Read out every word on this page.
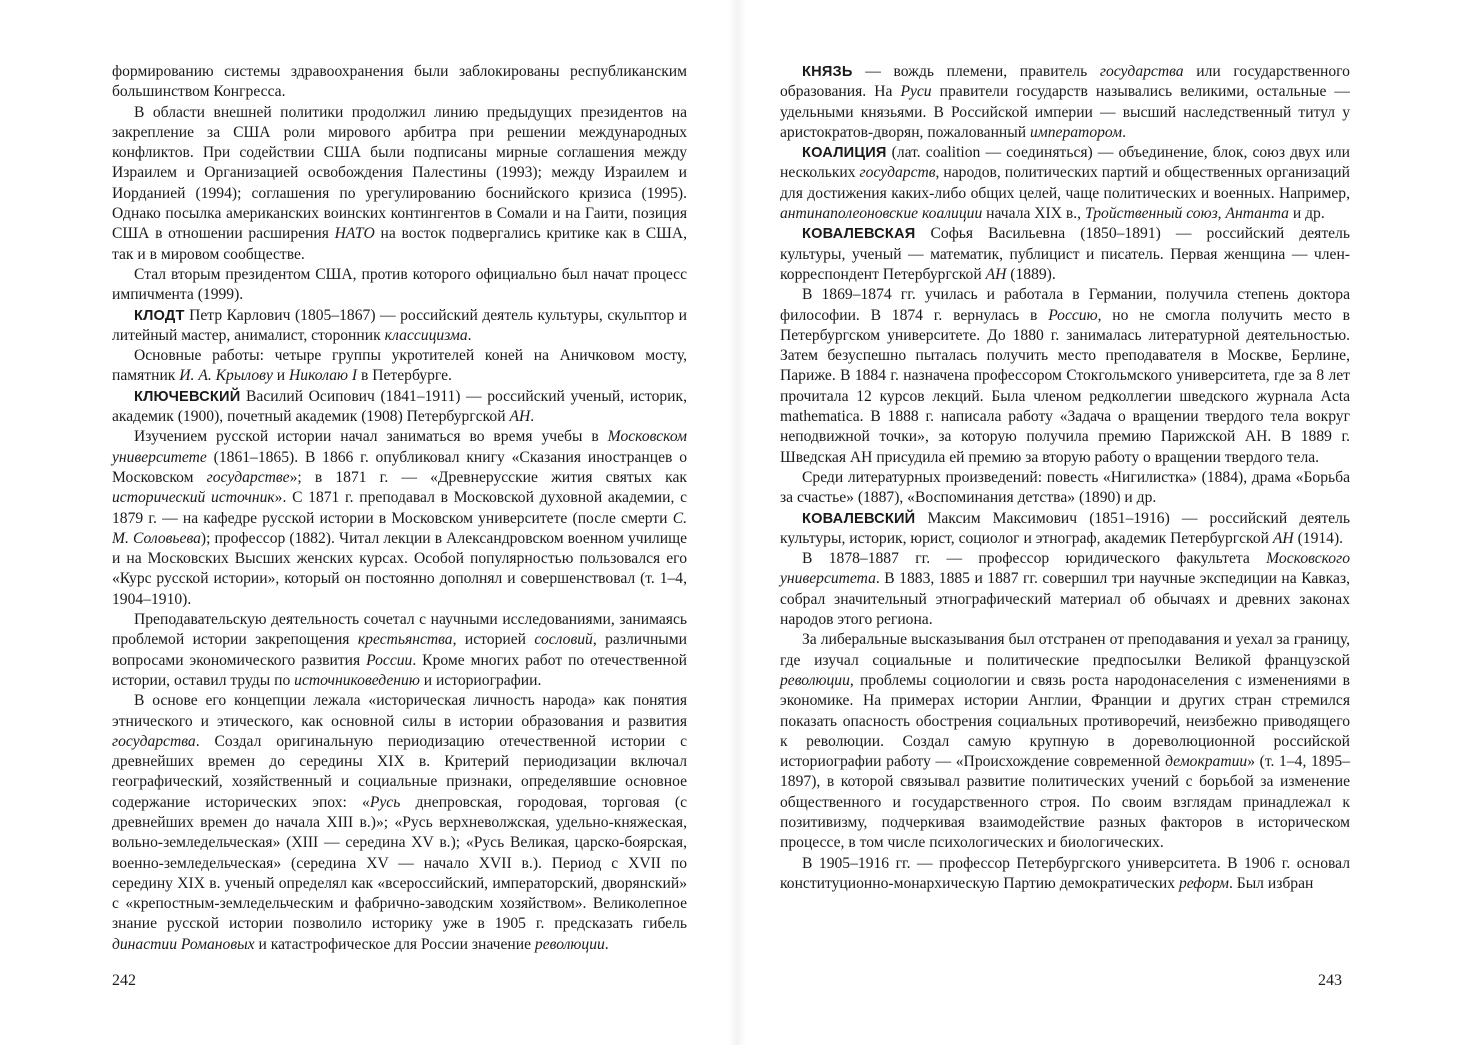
формированию системы здравоохранения были заблокированы республиканским большинством Конгресса.

В области внешней политики продолжил линию предыдущих президентов на закрепление за США роли мирового арбитра при решении международных конфликтов. При содействии США были подписаны мирные соглашения между Израилем и Организацией освобождения Палестины (1993); между Израилем и Иорданией (1994); соглашения по урегулированию боснийского кризиса (1995). Однако посылка американских воинских контингентов в Сомали и на Гаити, позиция США в отношении расширения НАТО на восток подвергались критике как в США, так и в мировом сообществе.

Стал вторым президентом США, против которого официально был начат процесс импичмента (1999).

КЛОДТ Петр Карлович (1805–1867) — российский деятель культуры, скульптор и литейный мастер, анималист, сторонник классицизма.

Основные работы: четыре группы укротителей коней на Аничковом мосту, памятник И. А. Крылову и Николаю I в Петербурге.

КЛЮЧЕВСКИЙ Василий Осипович (1841–1911) — российский ученый, историк, академик (1900), почетный академик (1908) Петербургской АН.

Изучением русской истории начал заниматься во время учебы в Московском университете (1861–1865). В 1866 г. опубликовал книгу «Сказания иностранцев о Московском государстве»; в 1871 г. — «Древнерусские жития святых как исторический источник». С 1871 г. преподавал в Московской духовной академии, с 1879 г. — на кафедре русской истории в Московском университете (после смерти С. М. Соловьева); профессор (1882). Читал лекции в Александровском военном училище и на Московских Высших женских курсах. Особой популярностью пользовался его «Курс русской истории», который он постоянно дополнял и совершенствовал (т. 1–4, 1904–1910).

Преподавательскую деятельность сочетал с научными исследованиями, занимаясь проблемой истории закрепощения крестьянства, историей сословий, различными вопросами экономического развития России. Кроме многих работ по отечественной истории, оставил труды по источниковедению и историографии.

В основе его концепции лежала «историческая личность народа» как понятия этнического и этического, как основной силы в истории образования и развития государства. Создал оригинальную периодизацию отечественной истории с древнейших времен до середины XIX в. Критерий периодизации включал географический, хозяйственный и социальные признаки, определявшие основное содержание исторических эпох: «Русь днепровская, городовая, торговая (с древнейших времен до начала XIII в.)»; «Русь верхневолжская, удельно-княжеская, вольно-земледельческая» (XIII — середина XV в.); «Русь Великая, царско-боярская, военно-земледельческая» (середина XV — начало XVII в.). Период с XVII по середину XIX в. ученый определял как «всероссийский, императорский, дворянский» с «крепостным-земледельческим и фабрично-заводским хозяйством». Великолепное знание русской истории позволило историку уже в 1905 г. предсказать гибель династии Романовых и катастрофическое для России значение революции.

КНЯЗЬ — вождь племени, правитель государства или государственного образования. На Руси правители государств назывались великими, остальные — удельными князьями. В Российской империи — высший наследственный титул у аристократов-дворян, пожалованный императором.

КОАЛИЦИЯ (лат. coalition — соединяться) — объединение, блок, союз двух или нескольких государств, народов, политических партий и общественных организаций для достижения каких-либо общих целей, чаще политических и военных. Например, антинаполеоновские коалиции начала XIX в., Тройственный союз, Антанта и др.

КОВАЛЕВСКАЯ Софья Васильевна (1850–1891) — российский деятель культуры, ученый — математик, публицист и писатель. Первая женщина — член-корреспондент Петербургской АН (1889).

В 1869–1874 гг. училась и работала в Германии, получила степень доктора философии. В 1874 г. вернулась в Россию, но не смогла получить место в Петербургском университете. До 1880 г. занималась литературной деятельностью. Затем безуспешно пыталась получить место преподавателя в Москве, Берлине, Париже. В 1884 г. назначена профессором Стокгольмского университета, где за 8 лет прочитала 12 курсов лекций. Была членом редколлегии шведского журнала Acta mathematica. В 1888 г. написала работу «Задача о вращении твердого тела вокруг неподвижной точки», за которую получила премию Парижской АН. В 1889 г. Шведская АН присудила ей премию за вторую работу о вращении твердого тела.

Среди литературных произведений: повесть «Нигилистка» (1884), драма «Борьба за счастье» (1887), «Воспоминания детства» (1890) и др.

КОВАЛЕВСКИЙ Максим Максимович (1851–1916) — российский деятель культуры, историк, юрист, социолог и этнограф, академик Петербургской АН (1914).

В 1878–1887 гг. — профессор юридического факультета Московского университета. В 1883, 1885 и 1887 гг. совершил три научные экспедиции на Кавказ, собрал значительный этнографический материал об обычаях и древних законах народов этого региона.

За либеральные высказывания был отстранен от преподавания и уехал за границу, где изучал социальные и политические предпосылки Великой французской революции, проблемы социологии и связь роста народонаселения с изменениями в экономике. На примерах истории Англии, Франции и других стран стремился показать опасность обострения социальных противоречий, неизбежно приводящего к революции. Создал самую крупную в дореволюционной российской историографии работу — «Происхождение современной демократии» (т. 1–4, 1895–1897), в которой связывал развитие политических учений с борьбой за изменение общественного и государственного строя. По своим взглядам принадлежал к позитивизму, подчеркивая взаимодействие разных факторов в историческом процессе, в том числе психологических и биологических.

В 1905–1916 гг. — профессор Петербургского университета. В 1906 г. основал конституционно-монархическую Партию демократических реформ. Был избран

242	243
